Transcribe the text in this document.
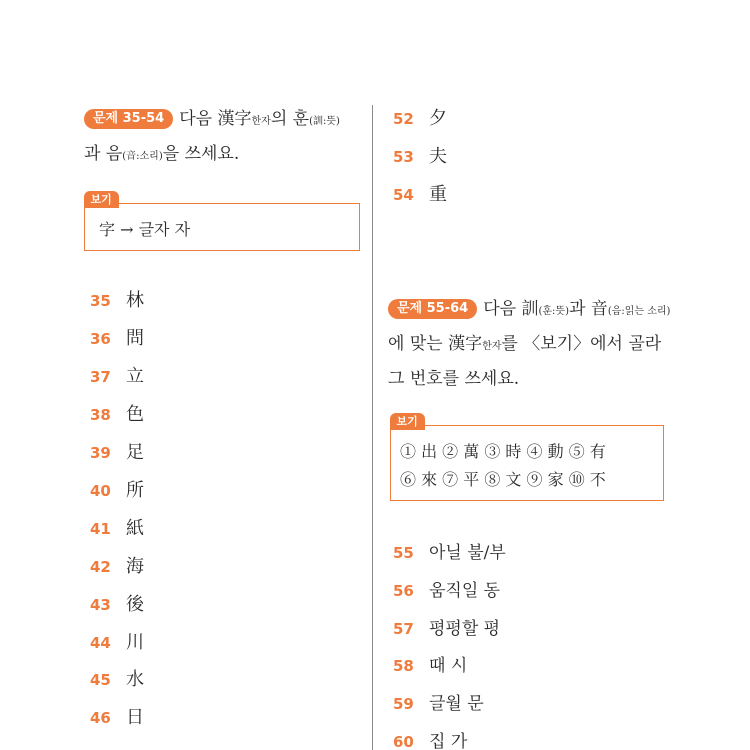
문제 35-54 다음 漢字한자의 훈(訓:뜻)
과 음(音:소리)을 쓰세요.
보기
字 → 글자 자
35 林
36 問
37 立
38 色
39 足
40 所
41 紙
42 海
43 後
44 川
45 水
46 日
52 夕
53 夫
54 重
문제 55-64 다음 訓(훈:뜻)과 音(음:읽는 소리)에 맞는 漢字한자를 〈보기〉에서 골라 그 번호를 쓰세요.
보기
① 出 ② 萬 ③ 時 ④ 動 ⑤ 有
⑥ 來 ⑦ 平 ⑧ 文 ⑨ 家 ⑩ 不
55 아닐 불/부
56 움직일 동
57 평평할 평
58 때 시
59 글월 문
60 집 가
